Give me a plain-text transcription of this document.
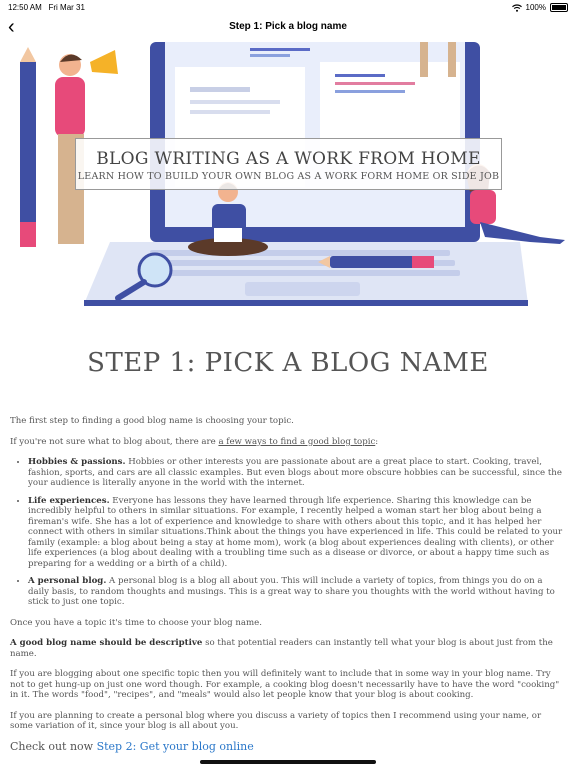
12:50 AM Fri Mar 31	100%
‹	Step 1: Pick a blog name
BLOG WRITING AS A WORK FROM HOME
LEARN HOW TO BUILD YOUR OWN BLOG AS A WORK FORM HOME OR SIDE JOB
STEP 1: PICK A BLOG NAME

The first step to finding a good blog name is choosing your topic.

If you're not sure what to blog about, there are a few ways to find a good blog topic:

• Hobbies & passions. Hobbies or other interests you are passionate about are a great place to start. Cooking, travel, fashion, sports, and cars are all classic examples. But even blogs about more obscure hobbies can be successful, since the your audience is literally anyone in the world with the internet.
• Life experiences. Everyone has lessons they have learned through life experience. Sharing this knowledge can be incredibly helpful to others in similar situations. For example, I recently helped a woman start her blog about being a fireman's wife. She has a lot of experience and knowledge to share with others about this topic, and it has helped her connect with others in similar situations.Think about the things you have experienced in life. This could be related to your family (example: a blog about being a stay at home mom), work (a blog about experiences dealing with clients), or other life experiences (a blog about dealing with a troubling time such as a disease or divorce, or about a happy time such as preparing for a wedding or a birth of a child).
• A personal blog. A personal blog is a blog all about you. This will include a variety of topics, from things you do on a daily basis, to random thoughts and musings. This is a great way to share you thoughts with the world without having to stick to just one topic.

Once you have a topic it's time to choose your blog name.

A good blog name should be descriptive so that potential readers can instantly tell what your blog is about just from the name.

If you are blogging about one specific topic then you will definitely want to include that in some way in your blog name. Try not to get hung-up on just one word though. For example, a cooking blog doesn't necessarily have to have the word "cooking" in it. The words "food", "recipes", and "meals" would also let people know that your blog is about cooking.

If you are planning to create a personal blog where you discuss a variety of topics then I recommend using your name, or some variation of it, since your blog is all about you.

Check out now Step 2: Get your blog online
